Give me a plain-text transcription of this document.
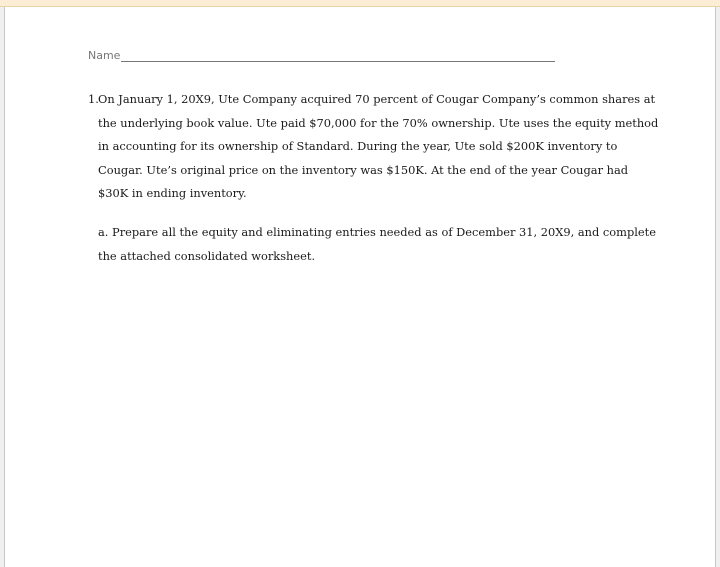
Name
1. On January 1, 20X9, Ute Company acquired 70 percent of Cougar Company’s common shares at
the underlying book value. Ute paid $70,000 for the 70% ownership. Ute uses the equity method
in accounting for its ownership of Standard. During the year, Ute sold $200K inventory to
Cougar. Ute’s original price on the inventory was $150K. At the end of the year Cougar had
$30K in ending inventory.
a. Prepare all the equity and eliminating entries needed as of December 31, 20X9, and complete
the attached consolidated worksheet.
